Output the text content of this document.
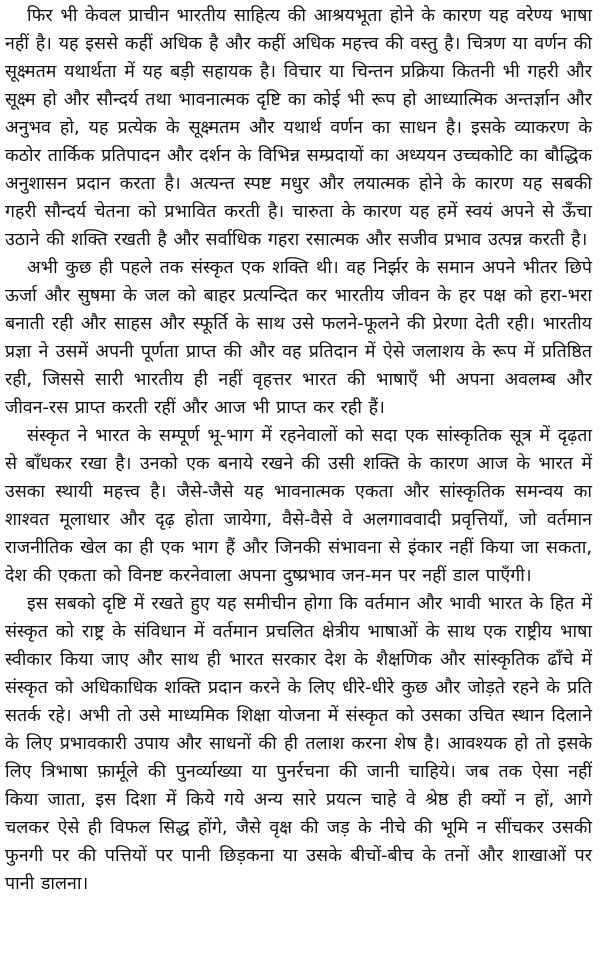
फिर भी केवल प्राचीन भारतीय साहित्य की आश्रयभूता होने के कारण यह वरेण्य भाषा नहीं है। यह इससे कहीं अधिक है और कहीं अधिक महत्त्व की वस्तु है। चित्रण या वर्णन की सूक्ष्मतम यथार्थता में यह बड़ी सहायक है। विचार या चिन्तन प्रक्रिया कितनी भी गहरी और सूक्ष्म हो और सौन्दर्य तथा भावनात्मक दृष्टि का कोई भी रूप हो आध्यात्मिक अन्तर्ज्ञान और अनुभव हो, यह प्रत्येक के सूक्ष्मतम और यथार्थ वर्णन का साधन है। इसके व्याकरण के कठोर तार्किक प्रतिपादन और दर्शन के विभिन्न सम्प्रदायों का अध्ययन उच्चकोटि का बौद्धिक अनुशासन प्रदान करता है। अत्यन्त स्पष्ट मधुर और लयात्मक होने के कारण यह सबकी गहरी सौन्दर्य चेतना को प्रभावित करती है। चारुता के कारण यह हमें स्वयं अपने से ऊँचा उठाने की शक्ति रखती है और सर्वाधिक गहरा रसात्मक और सजीव प्रभाव उत्पन्न करती है।

अभी कुछ ही पहले तक संस्कृत एक शक्ति थी। वह निर्झर के समान अपने भीतर छिपे ऊर्जा और सुषमा के जल को बाहर प्रत्यन्दित कर भारतीय जीवन के हर पक्ष को हरा-भरा बनाती रही और साहस और स्फूर्ति के साथ उसे फलने-फूलने की प्रेरणा देती रही। भारतीय प्रज्ञा ने उसमें अपनी पूर्णता प्राप्त की और वह प्रतिदान में ऐसे जलाशय के रूप में प्रतिष्ठित रही, जिससे सारी भारतीय ही नहीं वृहत्तर भारत की भाषाएँ भी अपना अवलम्ब और जीवन-रस प्राप्त करती रहीं और आज भी प्राप्त कर रही हैं।

संस्कृत ने भारत के सम्पूर्ण भू-भाग में रहनेवालों को सदा एक सांस्कृतिक सूत्र में दृढ़ता से बाँधकर रखा है। उनको एक बनाये रखने की उसी शक्ति के कारण आज के भारत में उसका स्थायी महत्त्व है। जैसे-जैसे यह भावनात्मक एकता और सांस्कृतिक समन्वय का शाश्वत मूलाधार और दृढ़ होता जायेगा, वैसे-वैसे वे अलगाववादी प्रवृत्तियाँ, जो वर्तमान राजनीतिक खेल का ही एक भाग हैं और जिनकी संभावना से इंकार नहीं किया जा सकता, देश की एकता को विनष्ट करनेवाला अपना दुष्प्रभाव जन-मन पर नहीं डाल पाएँगी।

इस सबको दृष्टि में रखते हुए यह समीचीन होगा कि वर्तमान और भावी भारत के हित में संस्कृत को राष्ट्र के संविधान में वर्तमान प्रचलित क्षेत्रीय भाषाओं के साथ एक राष्ट्रीय भाषा स्वीकार किया जाए और साथ ही भारत सरकार देश के शैक्षणिक और सांस्कृतिक ढाँचे में संस्कृत को अधिकाधिक शक्ति प्रदान करने के लिए धीरे-धीरे कुछ और जोड़ते रहने के प्रति सतर्क रहे। अभी तो उसे माध्यमिक शिक्षा योजना में संस्कृत को उसका उचित स्थान दिलाने के लिए प्रभावकारी उपाय और साधनों की ही तलाश करना शेष है। आवश्यक हो तो इसके लिए त्रिभाषा फ़ार्मूले की पुनर्व्याख्या या पुनर्रचना की जानी चाहिये। जब तक ऐसा नहीं किया जाता, इस दिशा में किये गये अन्य सारे प्रयत्न चाहे वे श्रेष्ठ ही क्यों न हों, आगे चलकर ऐसे ही विफल सिद्ध होंगे, जैसे वृक्ष की जड़ के नीचे की भूमि न सींचकर उसकी फुनगी पर की पत्तियों पर पानी छिड़कना या उसके बीचों-बीच के तनों और शाखाओं पर पानी डालना।
